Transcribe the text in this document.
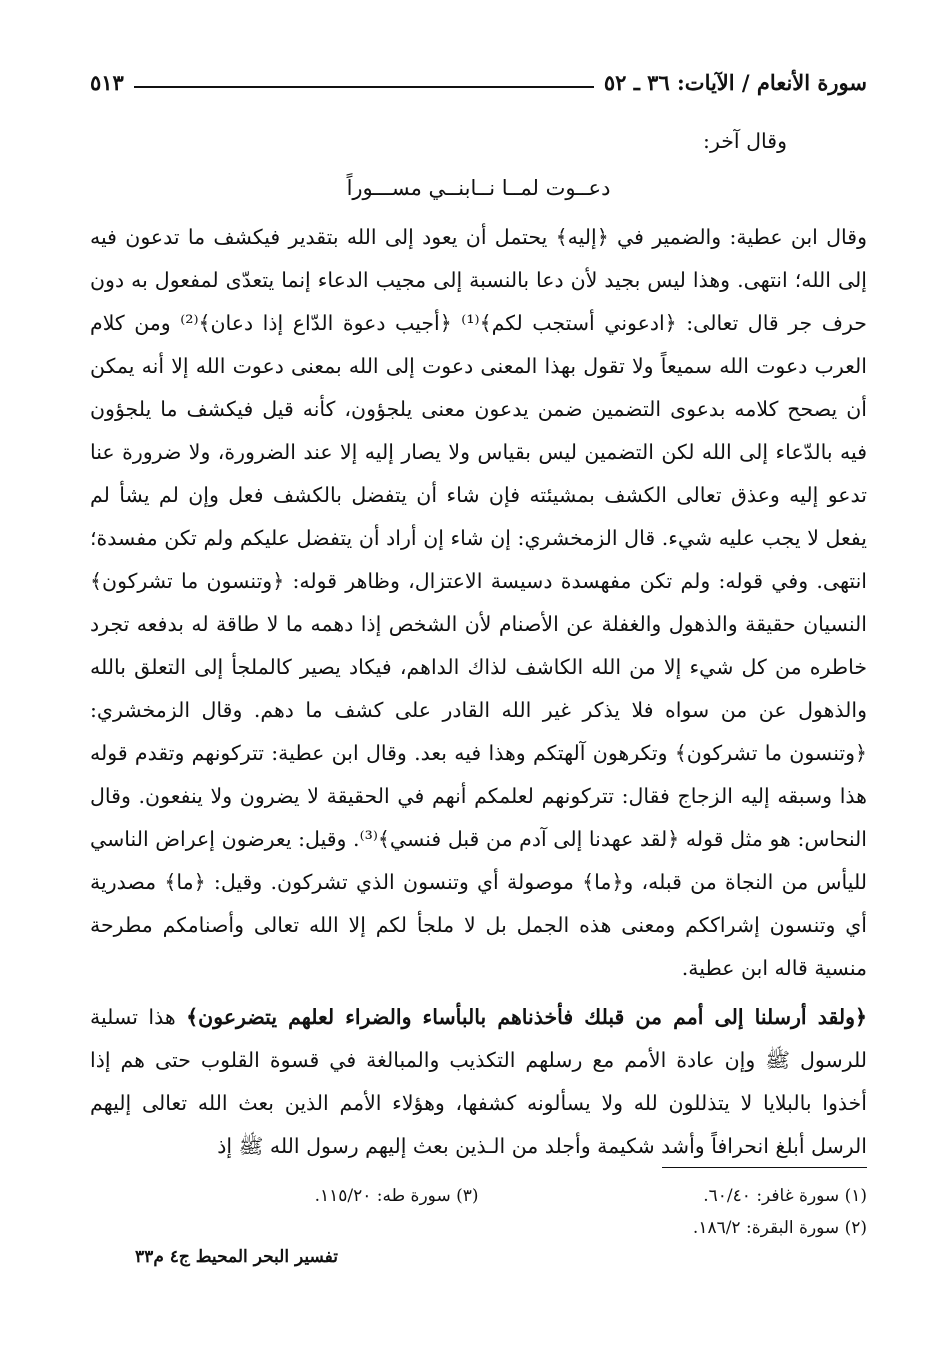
سورة الأنعام / الآيات: ٣٦ ـ ٥٢
٥١٣

وقال آخر:

دعــوت لمــا نــابنــي مســـوراً

وقال ابن عطية: والضمير في ﴿إليه﴾ يحتمل أن يعود إلى الله بتقدير فيكشف ما تدعون فيه إلى الله؛ انتهى. وهذا ليس بجيد لأن دعا بالنسبة إلى مجيب الدعاء إنما يتعدّى لمفعول به دون حرف جر قال تعالى: ﴿ادعوني أستجب لكم﴾⁽¹⁾ ﴿أجيب دعوة الدّاع إذا دعان﴾⁽²⁾ ومن كلام العرب دعوت الله سميعاً ولا تقول بهذا المعنى دعوت إلى الله بمعنى دعوت الله إلا أنه يمكن أن يصحح كلامه بدعوى التضمين ضمن يدعون معنى يلجؤون، كأنه قيل فيكشف ما يلجؤون فيه بالدّعاء إلى الله لكن التضمين ليس بقياس ولا يصار إليه إلا عند الضرورة، ولا ضرورة عنا تدعو إليه وعذق تعالى الكشف بمشيئته فإن شاء أن يتفضل بالكشف فعل وإن لم يشأ لم يفعل لا يجب عليه شيء. قال الزمخشري: إن شاء إن أراد أن يتفضل عليكم ولم تكن مفسدة؛ انتهى. وفي قوله: ولم تكن مفهسدة دسيسة الاعتزال، وظاهر قوله: ﴿وتنسون ما تشركون﴾ النسيان حقيقة والذهول والغفلة عن الأصنام لأن الشخص إذا دهمه ما لا طاقة له بدفعه تجرد خاطره من كل شيء إلا من الله الكاشف لذاك الداهم، فيكاد يصير كالملجأ إلى التعلق بالله والذهول عن من سواه فلا يذكر غير الله القادر على كشف ما دهم. وقال الزمخشري: ﴿وتنسون ما تشركون﴾ وتكرهون آلهتكم وهذا فيه بعد. وقال ابن عطية: تتركونهم وتقدم قوله هذا وسبقه إليه الزجاج فقال: تتركونهم لعلمكم أنهم في الحقيقة لا يضرون ولا ينفعون. وقال النحاس: هو مثل قوله ﴿لقد عهدنا إلى آدم من قبل فنسي﴾⁽³⁾. وقيل: يعرضون إعراض الناسي لليأس من النجاة من قبله، و﴿ما﴾ موصولة أي وتنسون الذي تشركون. وقيل: ﴿ما﴾ مصدرية أي وتنسون إشراككم ومعنى هذه الجمل بل لا ملجأ لكم إلا الله تعالى وأصنامكم مطرحة منسية قاله ابن عطية.

﴿ولقد أرسلنا إلى أمم من قبلك فأخذناهم بالبأساء والضراء لعلهم يتضرعون﴾ هذا تسلية للرسول ﷺ وإن عادة الأمم مع رسلهم التكذيب والمبالغة في قسوة القلوب حتى هم إذا أخذوا بالبلايا لا يتذللون لله ولا يسألونه كشفها، وهؤلاء الأمم الذين بعث الله تعالى إليهم الرسل أبلغ انحرافاً وأشد شكيمة وأجلد من الـذين بعث إليهم رسول الله ﷺ إذ

(١) سورة غافر: ٦٠/٤٠.
(٣) سورة طه: ١١٥/٢٠.
(٢) سورة البقرة: ١٨٦/٢.
تفسير البحر المحيط ج٤ م٣٣
